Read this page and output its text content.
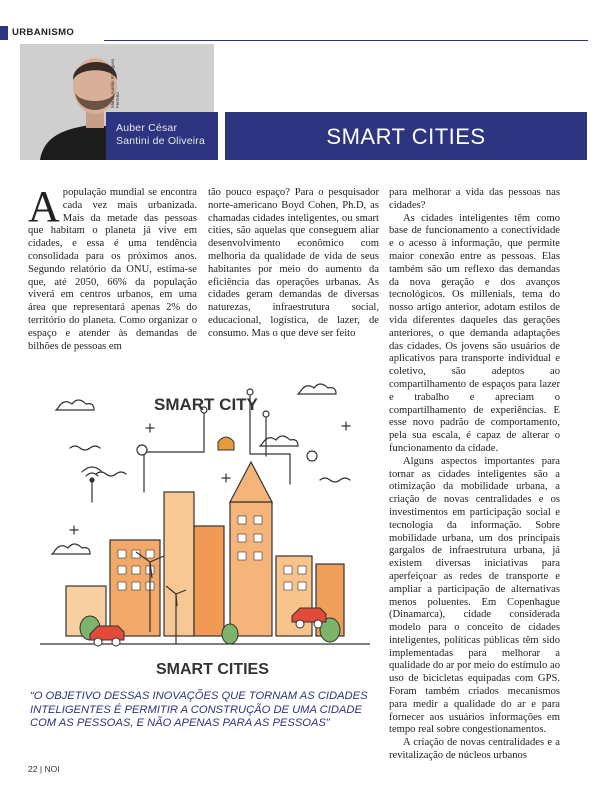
URBANISMO
Marco Aurélio Rodrigues Ferreira
Auber César
Santini de Oliveira	SMART CITIES

A população mundial se encontra cada vez mais urbanizada. Mais da metade das pessoas que habitam o planeta já vive em cidades, e essa é uma tendência consolidada para os próximos anos. Segundo relatório da ONU, estima-se que, até 2050, 66% da população viverá em centros urbanos, em uma área que representará apenas 2% do território do planeta. Como organizar o espaço e atender às demandas de bilhões de pessoas em

tão pouco espaço? Para o pesquisador norte-americano Boyd Cohen, Ph.D, as chamadas cidades inteligentes, ou smart cities, são aquelas que conseguem aliar desenvolvimento econômico com melhoria da qualidade de vida de seus habitantes por meio do aumento da eficiência das operações urbanas. As cidades geram demandas de diversas naturezas, infraestrutura social, educacional, logística, de lazer, de consumo. Mas o que deve ser feito

para melhorar a vida das pessoas nas cidades?

As cidades inteligentes têm como base de funcionamento a conectividade e o acesso à informação, que permite maior conexão entre as pessoas. Elas também são um reflexo das demandas da nova geração e dos avanços tecnológicos. Os millenials, tema do nosso artigo anterior, adotam estilos de vida diferentes daqueles das gerações anteriores, o que demanda adaptações das cidades. Os jovens são usuários de aplicativos para transporte individual e coletivo, são adeptos ao compartilhamento de espaços para lazer e trabalho e apreciam o compartilhamento de experiências. E esse novo padrão de comportamento, pela sua escala, é capaz de alterar o funcionamento da cidade.

Alguns aspectos importantes para tornar as cidades inteligentes são a otimização da mobilidade urbana, a criação de novas centralidades e os investimentos em participação social e tecnologia da informação. Sobre mobilidade urbana, um dos principais gargalos de infraestrutura urbana, já existem diversas iniciativas para aperfeiçoar as redes de transporte e ampliar a participação de alternativas menos poluentes. Em Copenhague (Dinamarca), cidade considerada modelo para o conceito de cidades inteligentes, políticas públicas têm sido implementadas para melhorar a qualidade do ar por meio do estímulo ao uso de bicicletas equipadas com GPS. Foram também criados mecanismos para medir a qualidade do ar e para fornecer aos usuários informações em tempo real sobre congestionamentos.

A criação de novas centralidades e a revitalização de núcleos urbanos

SMART CITY
SMART CITIES
“O OBJETIVO DESSAS INOVAÇÕES QUE TORNAM AS CIDADES INTELIGENTES É PERMITIR A CONSTRUÇÃO DE UMA CIDADE COM AS PESSOAS, E NÃO APENAS PARA AS PESSOAS”
22 | NOI
